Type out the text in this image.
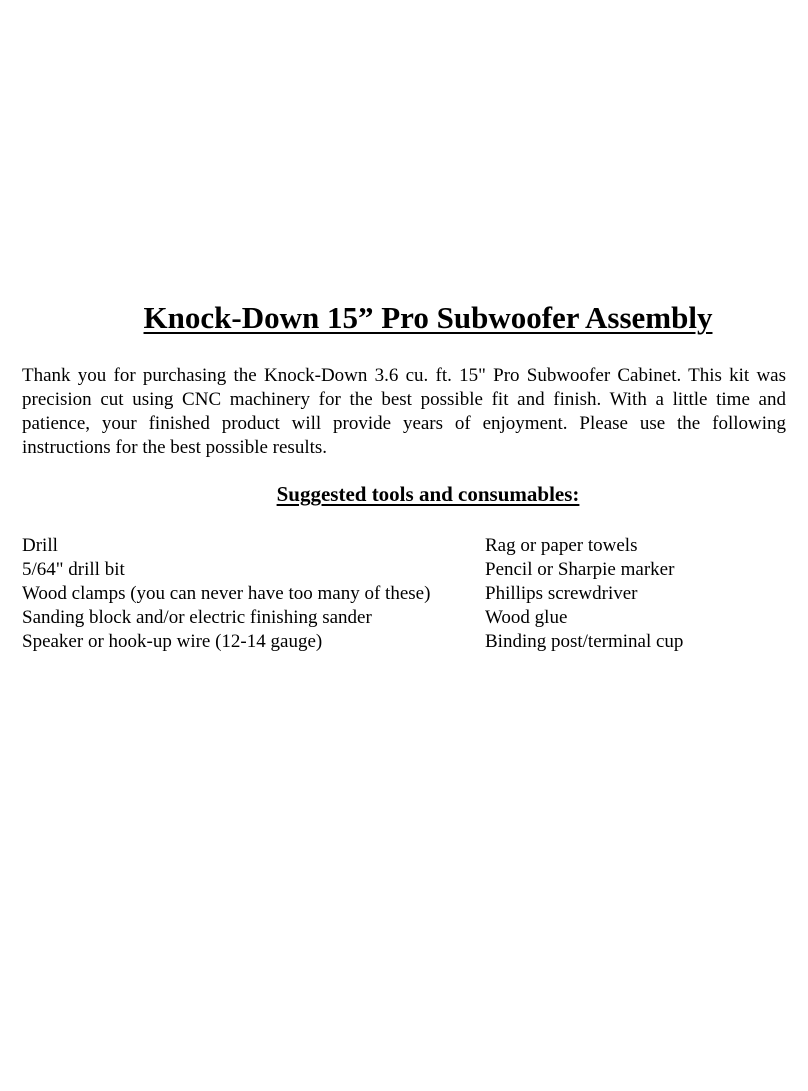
Knock-Down 15” Pro Subwoofer Assembly

Thank you for purchasing the Knock-Down 3.6 cu. ft. 15" Pro Subwoofer Cabinet. This kit was precision cut using CNC machinery for the best possible fit and finish. With a little time and patience, your finished product will provide years of enjoyment. Please use the following instructions for the best possible results.

Suggested tools and consumables:
Drill
5/64" drill bit
Wood clamps (you can never have too many of these)
Sanding block and/or electric finishing sander
Speaker or hook-up wire (12-14 gauge)
Rag or paper towels
Pencil or Sharpie marker
Phillips screwdriver
Wood glue
Binding post/terminal cup
